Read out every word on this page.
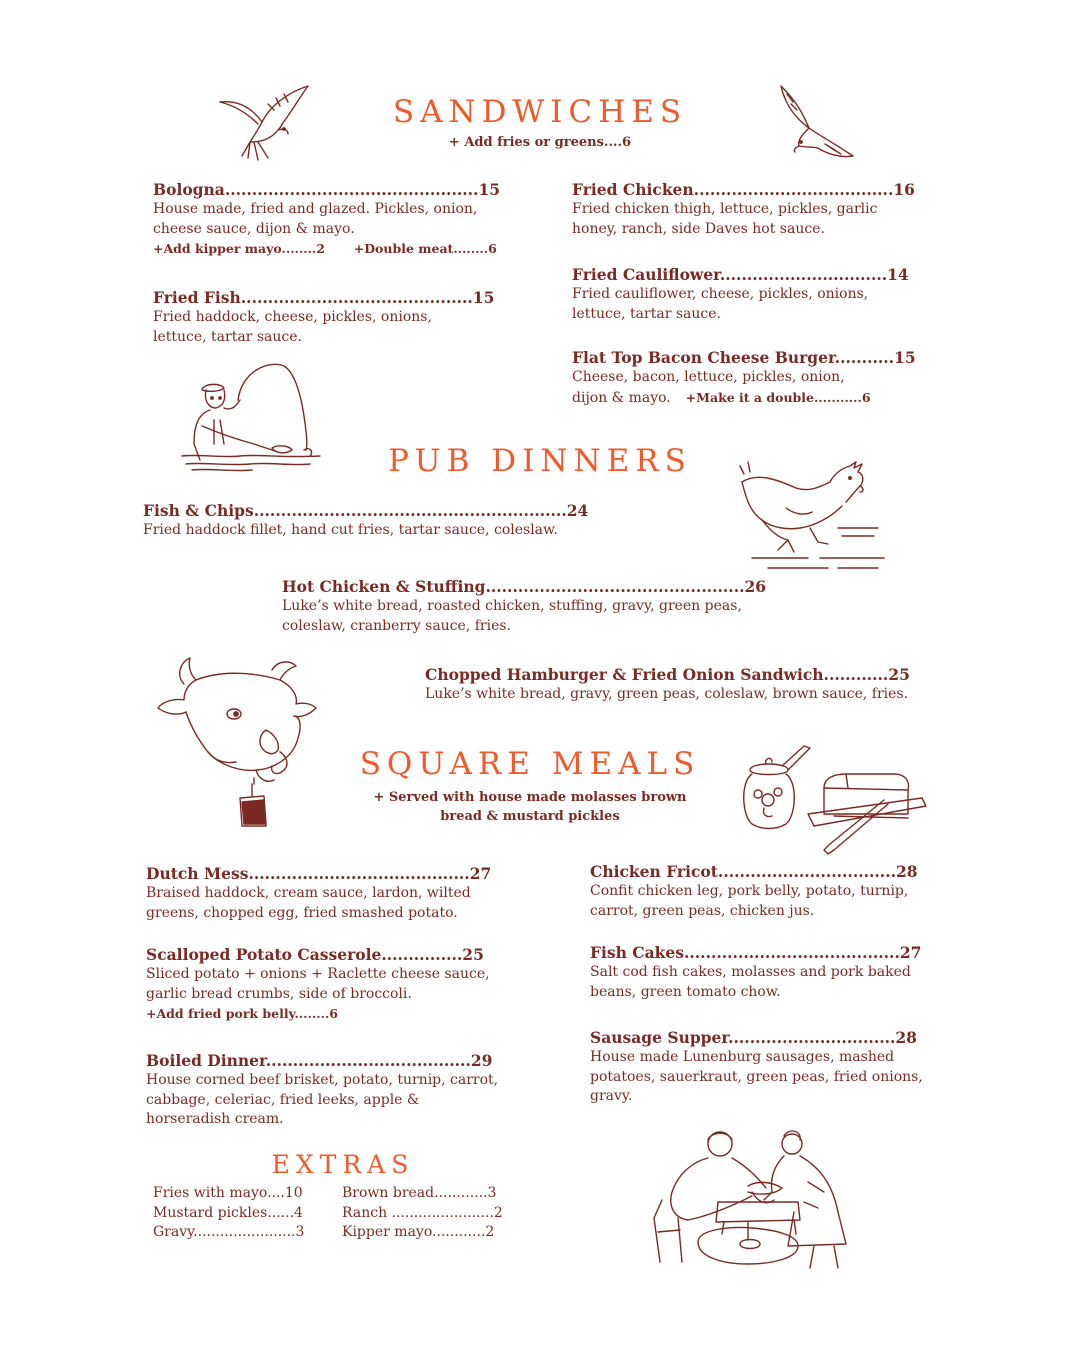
SANDWICHES
+ Add fries or greens....6
Bologna...............................................15
House made, fried and glazed. Pickles, onion, cheese sauce, dijon & mayo.
+Add kipper mayo........2 +Double meat........6
Fried Fish...........................................15
Fried haddock, cheese, pickles, onions, lettuce, tartar sauce.
Fried Chicken.....................................16
Fried chicken thigh, lettuce, pickles, garlic honey, ranch, side Daves hot sauce.
Fried Cauliflower...............................14
Fried cauliflower, cheese, pickles, onions, lettuce, tartar sauce.
Flat Top Bacon Cheese Burger...........15
Cheese, bacon, lettuce, pickles, onion,
dijon & mayo. +Make it a double...........6
PUB DINNERS
Fish & Chips..........................................................24
Fried haddock fillet, hand cut fries, tartar sauce, coleslaw.
Hot Chicken & Stuffing................................................26
Luke’s white bread, roasted chicken, stuffing, gravy, green peas, coleslaw, cranberry sauce, fries.
Chopped Hamburger & Fried Onion Sandwich............25
Luke’s white bread, gravy, green peas, coleslaw, brown sauce, fries.
SQUARE MEALS
+ Served with house made molasses brown bread & mustard pickles
Dutch Mess.........................................27
Braised haddock, cream sauce, lardon, wilted greens, chopped egg, fried smashed potato.
Scalloped Potato Casserole...............25
Sliced potato + onions + Raclette cheese sauce, garlic bread crumbs, side of broccoli.
+Add fried pork belly........6
Boiled Dinner......................................29
House corned beef brisket, potato, turnip, carrot, cabbage, celeriac, fried leeks, apple & horseradish cream.
Chicken Fricot.................................28
Confit chicken leg, pork belly, potato, turnip, carrot, green peas, chicken jus.
Fish Cakes........................................27
Salt cod fish cakes, molasses and pork baked beans, green tomato chow.
Sausage Supper...............................28
House made Lunenburg sausages, mashed potatoes, sauerkraut, green peas, fried onions, gravy.
EXTRAS
Fries with mayo....10
Mustard pickles......4
Gravy.......................3
Brown bread............3
Ranch .......................2
Kipper mayo............2
